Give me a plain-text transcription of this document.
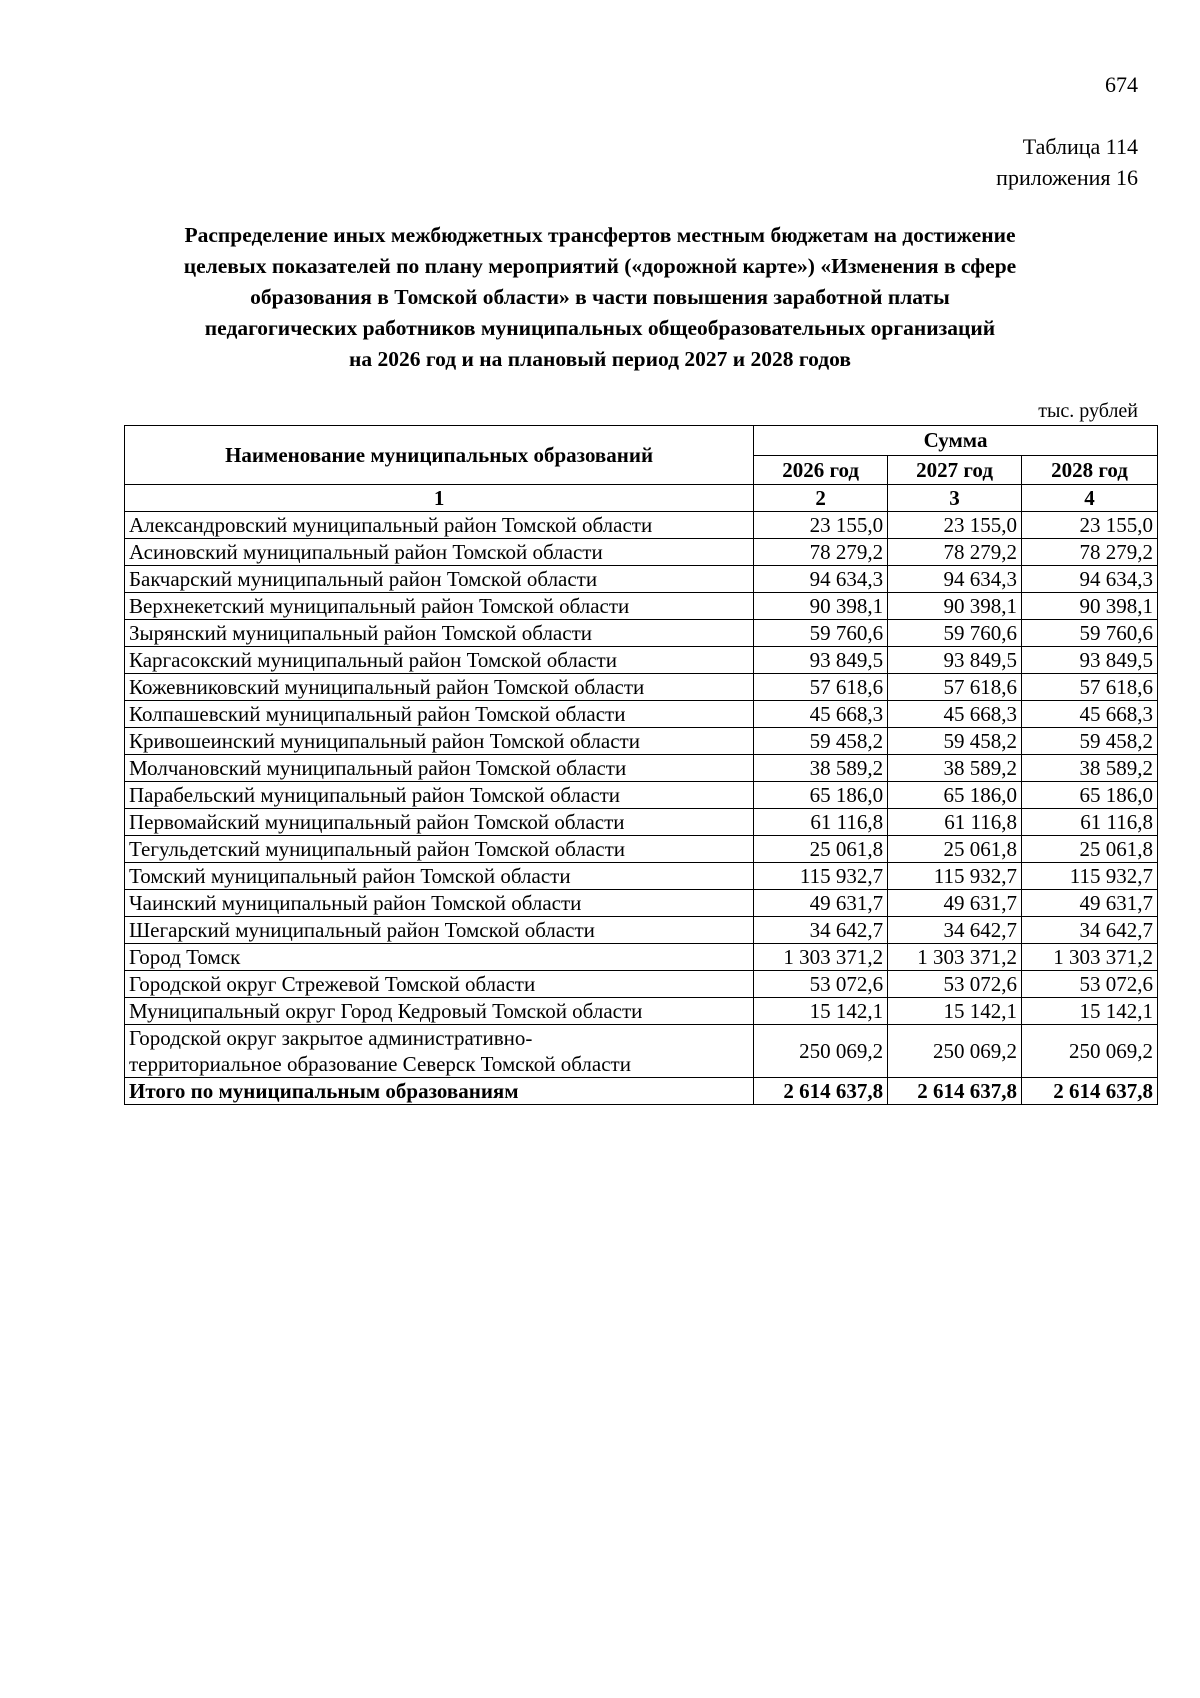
674
Таблица 114
приложения 16
Распределение иных межбюджетных трансфертов местным бюджетам на достижение
целевых показателей по плану мероприятий («дорожной карте») «Изменения в сфере
образования в Томской области» в части повышения заработной платы
педагогических работников муниципальных общеобразовательных организаций
на 2026 год и на плановый период 2027 и 2028 годов
тыс. рублей
Наименование муниципальных образований	Сумма		
	2026 год	2027 год	2028 год
1	2	3	4
Александровский муниципальный район Томской области	23 155,0	23 155,0	23 155,0
Асиновский муниципальный район Томской области	78 279,2	78 279,2	78 279,2
Бакчарский муниципальный район Томской области	94 634,3	94 634,3	94 634,3
Верхнекетский муниципальный район Томской области	90 398,1	90 398,1	90 398,1
Зырянский муниципальный район Томской области	59 760,6	59 760,6	59 760,6
Каргасокский муниципальный район Томской области	93 849,5	93 849,5	93 849,5
Кожевниковский муниципальный район Томской области	57 618,6	57 618,6	57 618,6
Колпашевский муниципальный район Томской области	45 668,3	45 668,3	45 668,3
Кривошеинский муниципальный район Томской области	59 458,2	59 458,2	59 458,2
Молчановский муниципальный район Томской области	38 589,2	38 589,2	38 589,2
Парабельский муниципальный район Томской области	65 186,0	65 186,0	65 186,0
Первомайский муниципальный район Томской области	61 116,8	61 116,8	61 116,8
Тегульдетский муниципальный район Томской области	25 061,8	25 061,8	25 061,8
Томский муниципальный район Томской области	115 932,7	115 932,7	115 932,7
Чаинский муниципальный район Томской области	49 631,7	49 631,7	49 631,7
Шегарский муниципальный район Томской области	34 642,7	34 642,7	34 642,7
Город Томск	1 303 371,2	1 303 371,2	1 303 371,2
Городской округ Стрежевой Томской области	53 072,6	53 072,6	53 072,6
Муниципальный округ Город Кедровый Томской области	15 142,1	15 142,1	15 142,1

Городской округ закрытое административно-
территориальное образование Северск Томской области	250 069,2	250 069,2	250 069,2
Итого по муниципальным образованиям	2 614 637,8	2 614 637,8	2 614 637,8
